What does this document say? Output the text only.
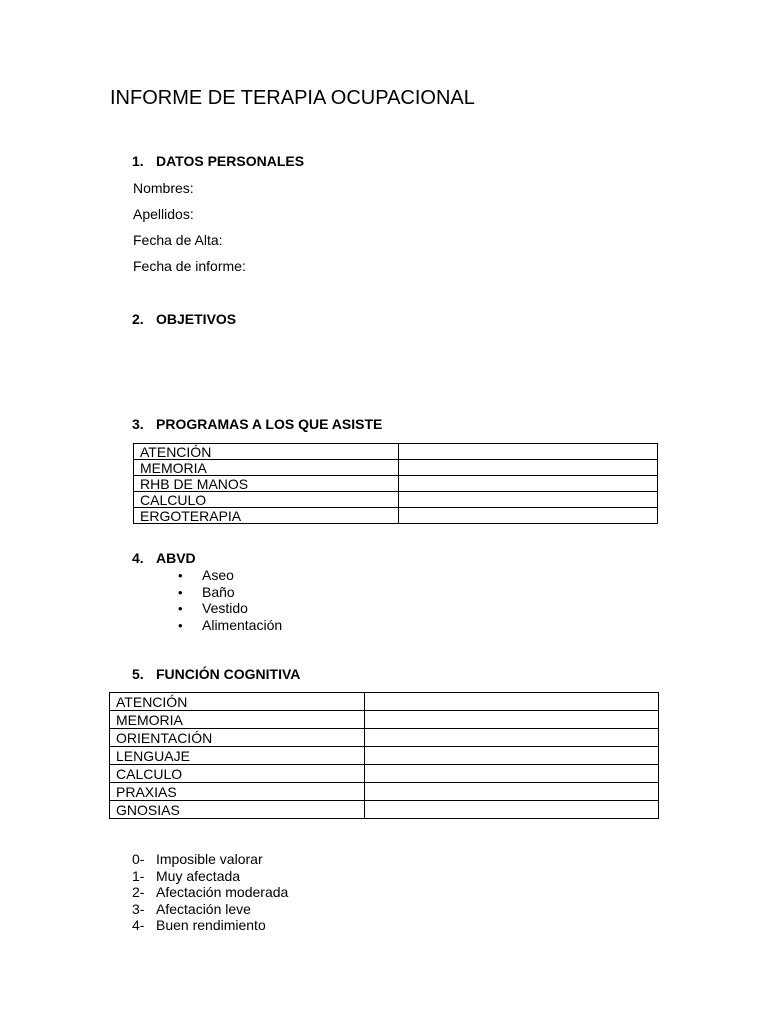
INFORME DE TERAPIA OCUPACIONAL
1. DATOS PERSONALES
Nombres:
Apellidos:
Fecha de Alta:
Fecha de informe:
2. OBJETIVOS
3. PROGRAMAS A LOS QUE ASISTE
ATENCIÓN	
MEMORIA	
RHB DE MANOS	
CALCULO	
ERGOTERAPIA	
4. ABVD
• Aseo
• Baño
• Vestido
• Alimentación
5. FUNCIÓN COGNITIVA
ATENCIÓN	
MEMORIA	
ORIENTACIÓN	
LENGUAJE	
CALCULO	
PRAXIAS	
GNOSIAS	
0- Imposible valorar
1- Muy afectada
2- Afectación moderada
3- Afectación leve
4- Buen rendimiento
